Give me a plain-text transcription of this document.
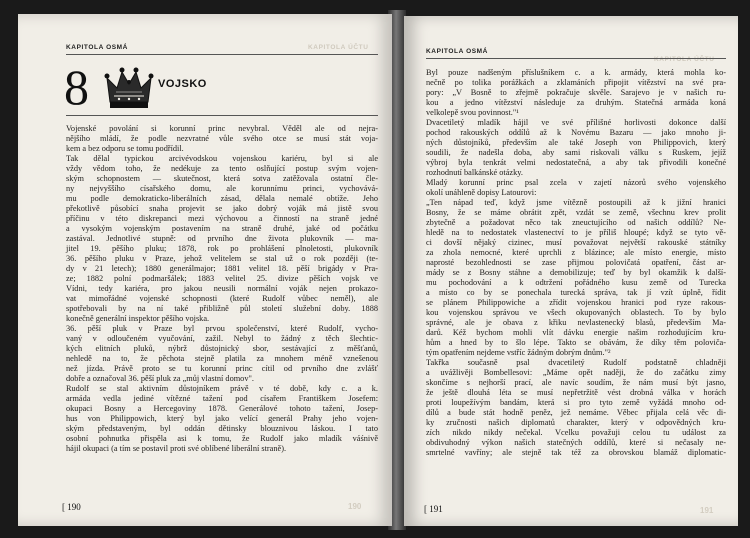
KAPITOLA OSMÁ	KAPITOLA ÚČTU
8	VOJSKO
Vojenské povolání si korunní princ nevybral. Věděl ale od nejra-
nějšího mládí, že podle nezvratné vůle svého otce se musí stát voja-
kem a bez odporu se tomu podřídil.
Tak dělal typickou arcivévodskou vojenskou kariéru, byl si ale
vždy vědom toho, že nedékuje za tento oslňující postup svým vojen-
ským schopnostem — skutečnost, která sotva zatěžovala ostatní čle-
ny nejvyššího císařského domu, ale korunnímu princi, vychovává-
mu podle demokraticko-liberálních zásad, dělala nemalé obtíže. Jeho
překotlivě působící snaha projevit se jako dobrý voják má jistě svou
příčinu v této diskrepanci mezi výchovou a činností na straně jedné
a vysokým vojenským postavením na straně druhé, jaké od počátku
zastával. Jednotlivé stupně: od prvního dne života plukovník — ma-
jitel 19. pěšího pluku; 1878, rok po prohlášení plnoletosti, plukovník
36. pěšího pluku v Praze, jehož velitelem se stal už o rok později (te-
dy v 21 letech); 1880 generálmajor; 1881 velitel 18. pěší brigády v Pra-
ze; 1882 polní podmaršálek; 1883 velitel 25. divize pěších vojsk ve
Vídni, tedy kariéra, pro jakou neusili normální voják nejen prokazo-
vat mimořádné vojenské schopnosti (které Rudolf vůbec neměl), ale
spotřebovali by na ní také přibližně půl století služební doby. 1888
konečně generální inspektor pěšího vojska.
36. pěší pluk v Praze byl prvou společenství, které Rudolf, vycho-
vaný v odloučeném vyučování, zažil. Nebyl to žádný z těch šlechtic-
kých elitních pluků, nýbrž důstojnický sbor, sestávající z měšťanů,
nehledě na to, že pěchota stejně platila za mnohem méně vznešenou
než jízda. Právě proto se tu korunní princ cítil od prvního dne zvlášť
dobře a označoval 36. pěší pluk za „můj vlastní domov".
Rudolf se stal aktivním důstojníkem právě v té době, kdy c. a k.
armáda vedla jediné vítězné tažení pod císařem Františkem Josefem:
okupaci Bosny a Hercegoviny 1878. Generálové tohoto tažení, Josep-
hus von Philippowich, který byl jako velící generál Prahy jeho vojen-
ským představeným, byl oddán dětinsky blouznivou láskou. I tato
osobní pohnutka přispěla asi k tomu, že Rudolf jako mladík váśnivě
hájil okupaci (a tím se postavil proti své oblíbené liberální straně).
[ 190	190
KAPITOLA OSMÁ
KAPITOLA ÚČTU
Byl pouze nadšeným příslušníkem c. a k. armády, která mohla ko-
nečně po tolika porážkách a zklamáních připojit vítězství na své pra-
pory: „V Bosně to zřejmě pokračuje skvěle. Sarajevo je v našich ru-
kou a jedno vítězství následuje za druhým. Statečná armáda koná
velkolepě svou povinnost."¹
Dvacetiletý mladík hájil ve své přílišné horlivosti dokonce další
pochod rakouských oddílů až k Novému Bazaru — jako mnoho ji-
ných důstojníků, především ale také Joseph von Philippovich, který
soudili, že nadešla doba, aby sami riskovali válku s Ruskem, jejíž
výbroj byla tenkrát velmi nedostatečná, a aby tak přivodili konečné
rozhodnutí balkánské otázky.
Mladý korunní princ psal zcela v zajetí názorů svého vojenského
okolí unáhleně dopisy Latourovi:
„Ten nápad teď, když jsme vítězně postoupili až k jižní hranici
Bosny, že se máme obrátit zpět, vzdát se země, všechnu krev prolit
zbytečně a požadovat něco tak zneuctujícího od našich oddílů? Ne-
hledě na to nedostatek vlastenectví to je příliš hloupé; když se tyto vě-
ci dovší nějaký cizinec, musí považovat největší rakouské státníky
za zhola nemocné, které uprchli z blázince; ale místo energie, místo
naprosté bezohlednosti se zase přijmou polovičatá opatření, část ar-
mády se z Bosny stáhne a demobilizuje; teď by byl okamžik k další-
mu pochodování a k odtržení pořádného kusu země od Turecka
a místo co by se ponechala turecká správa, tak jí vzít úplně, řídit
se plánem Philippowiche a zřídit vojenskou hranici pod ryze rakous-
kou vojenskou správou ve všech okupovaných oblastech. To by bylo
správné, ale je obava z křiku nevlastenecký blasů, především Ma-
darů. Kéž bychom mohli vlít dávku energie našim rozhodujícím kru-
hům a hned by to šlo lépe. Takto se obávám, že díky těm poloviča-
tým opatřením nejdeme vstříc žádným dobrým dnům."²
Takřka současně psal dvacetiletý Rudolf podstatně chladněji
a uvážlivěji Bombellesovi: „Máme opět naději, že do začátku zimy
skončíme s nejhorší prací, ale navíc soudím, že nám musí být jasno,
že ještě dlouhá léta se musí nepřetržitě vést drobná válka v horách
proti loupežívým bandám, která si pro tyto země vyžádá mnoho od-
dílů a bude stát hodně peněz, jež nemáme. Věbec přijala celá věc di-
ky zručnosti našich diplomatů charakter, který v odpovědných kru-
zích nikdo nikdy nečekal. Vcelku považuji celou tu událost za
obdivuhodný výkon našich statečných oddílů, které si nečasaly ne-
smrtelné vavříny; ale stejně tak též za obrovskou blamáž diplomatic-
[ 191	191
